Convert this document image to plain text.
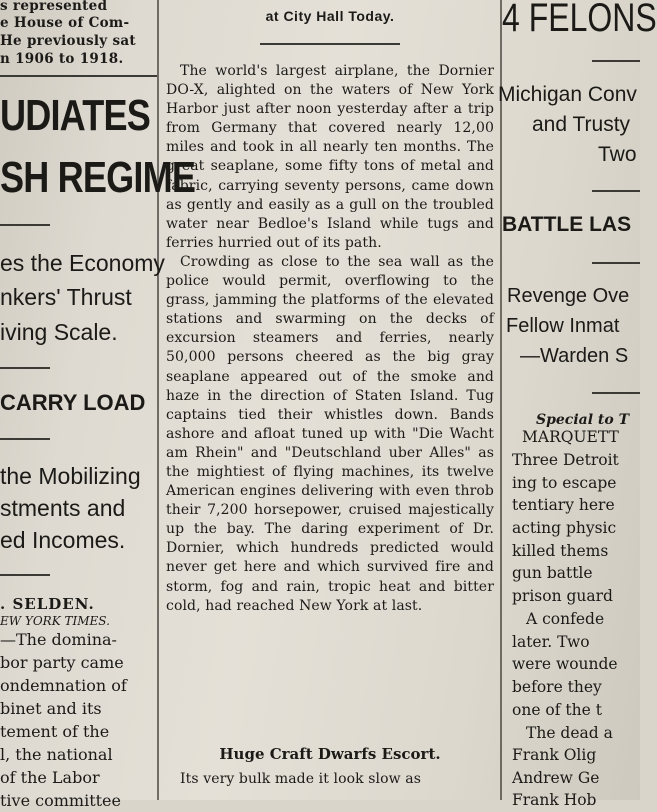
s represented
e House of Com-
He previously sat
n 1906 to 1918.
UDIATES
SH REGIME
es the Economy
nkers' Thrust
iving Scale.
CARRY LOAD
the Mobilizing
stments and
ed Incomes.
. SELDEN.
EW YORK TIMES.
—The domina-
bor party came
ondemnation of
binet and its
tement of the
l, the national
of the Labor
tive committee
at City Hall Today.

The world's largest airplane, the Dornier DO-X, alighted on the waters of New York Harbor just after noon yesterday after a trip from Germany that covered nearly 12,00 miles and took in all nearly ten months. The great seaplane, some fifty tons of metal and fabric, carrying seventy persons, came down as gently and easily as a gull on the troubled water near Bedloe's Island while tugs and ferries hurried out of its path.

Crowding as close to the sea wall as the police would permit, overflowing to the grass, jamming the platforms of the elevated stations and swarming on the decks of excursion steamers and ferries, nearly 50,000 persons cheered as the big gray seaplane appeared out of the smoke and haze in the direction of Staten Island. Tug captains tied their whistles down. Bands ashore and afloat tuned up with "Die Wacht am Rhein" and "Deutschland uber Alles" as the mightiest of flying machines, its twelve American engines delivering with even throb their 7,200 horsepower, cruised majestically up the bay. The daring experiment of Dr. Dornier, which hundreds predicted would never get here and which survived fire and storm, fog and rain, tropic heat and bitter cold, had reached New York at last.

Huge Craft Dwarfs Escort.

Its very bulk made it look slow as

4 FELONS
Michigan Conv
and Trusty
Two
BATTLE LAS
Revenge Ove
Fellow Inmat
—Warden S
Special to T
MARQUETT
Three Detroit
ing to escape
tentiary here
acting physic
killed thems
gun battle
prison guard
A confede
later. Two
were wounde
before they
one of the t
The dead a
Frank Olig
Andrew Ge
Frank Hob
